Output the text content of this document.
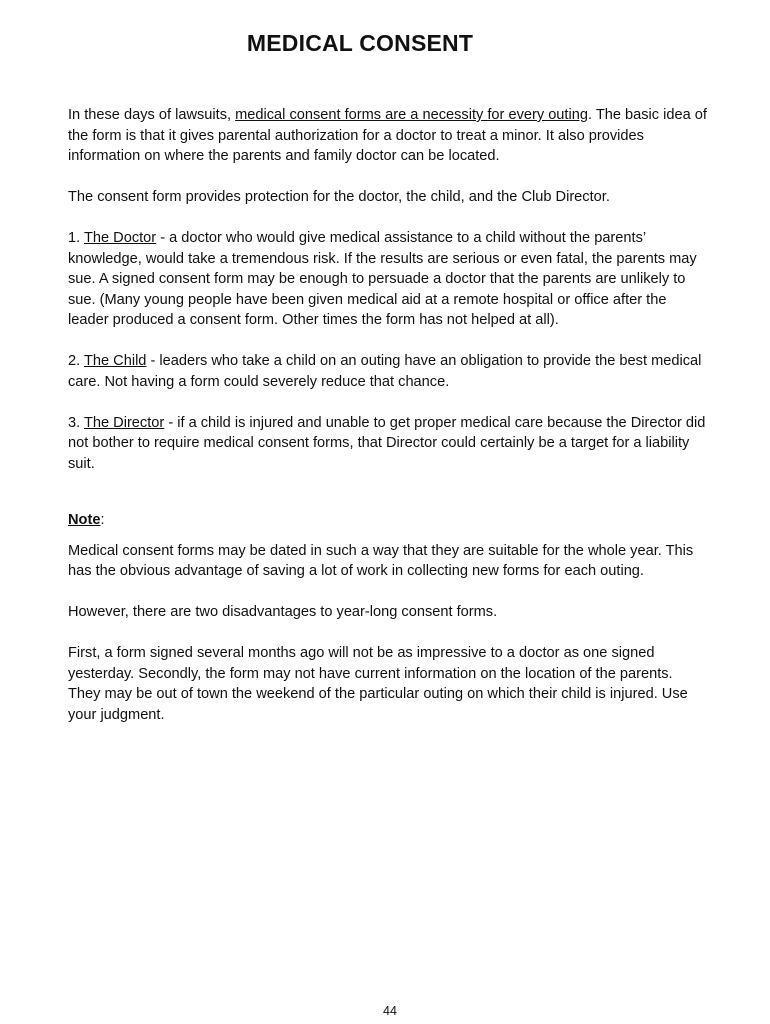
MEDICAL CONSENT

In these days of lawsuits, medical consent forms are a necessity for every outing. The basic idea of the form is that it gives parental authorization for a doctor to treat a minor. It also provides information on where the parents and family doctor can be located.

The consent form provides protection for the doctor, the child, and the Club Director.

1. The Doctor - a doctor who would give medical assistance to a child without the parents’ knowledge, would take a tremendous risk. If the results are serious or even fatal, the parents may sue. A signed consent form may be enough to persuade a doctor that the parents are unlikely to sue. (Many young people have been given medical aid at a remote hospital or office after the leader produced a consent form. Other times the form has not helped at all).

2. The Child - leaders who take a child on an outing have an obligation to provide the best medical care. Not having a form could severely reduce that chance.

3. The Director - if a child is injured and unable to get proper medical care because the Director did not bother to require medical consent forms, that Director could certainly be a target for a liability suit.

Note:

Medical consent forms may be dated in such a way that they are suitable for the whole year. This has the obvious advantage of saving a lot of work in collecting new forms for each outing.

However, there are two disadvantages to year-long consent forms.

First, a form signed several months ago will not be as impressive to a doctor as one signed yesterday. Secondly, the form may not have current information on the location of the parents. They may be out of town the weekend of the particular outing on which their child is injured. Use your judgment.

44
